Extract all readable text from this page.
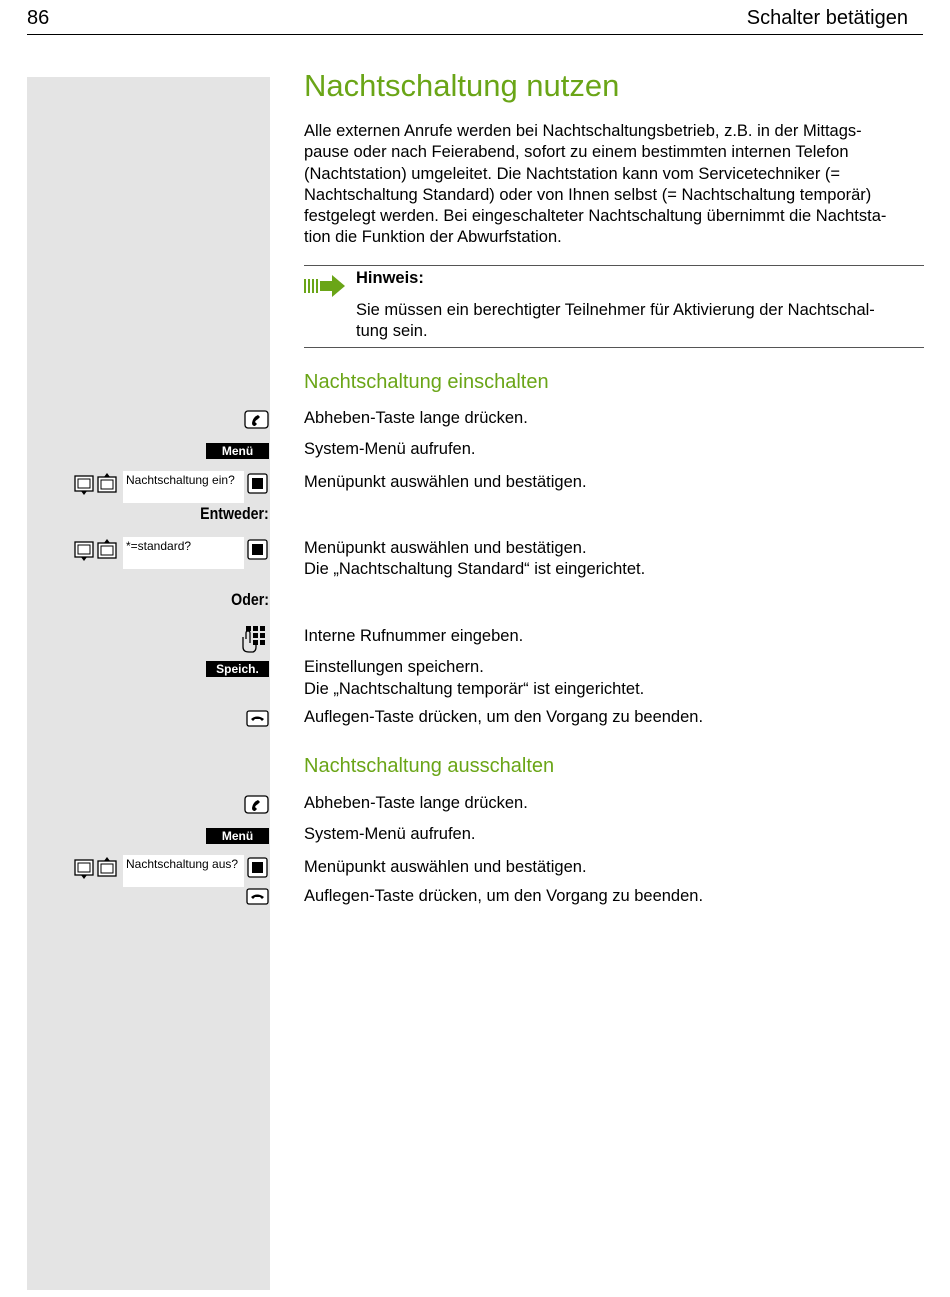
86	Schalter betätigen
Nachtschaltung nutzen
Alle externen Anrufe werden bei Nachtschaltungsbetrieb, z.B. in der Mittags-
pause oder nach Feierabend, sofort zu einem bestimmten internen Telefon
(Nachtstation) umgeleitet. Die Nachtstation kann vom Servicetechniker (=
Nachtschaltung Standard) oder von Ihnen selbst (= Nachtschaltung temporär)
festgelegt werden. Bei eingeschalteter Nachtschaltung übernimmt die Nachtsta-
tion die Funktion der Abwurfstation.
Hinweis:
Sie müssen ein berechtigter Teilnehmer für Aktivierung der Nachtschal-
tung sein.
Nachtschaltung einschalten
Abheben-Taste lange drücken.
Menü	System-Menü aufrufen.
Nachtschaltung ein?	Menüpunkt auswählen und bestätigen.
Entweder:
*=standard?	Menüpunkt auswählen und bestätigen.
Die „Nachtschaltung Standard“ ist eingerichtet.
Oder:
Interne Rufnummer eingeben.
Speich.	Einstellungen speichern.
Die „Nachtschaltung temporär“ ist eingerichtet.
Auflegen-Taste drücken, um den Vorgang zu beenden.
Nachtschaltung ausschalten
Abheben-Taste lange drücken.
Menü	System-Menü aufrufen.
Nachtschaltung aus?	Menüpunkt auswählen und bestätigen.
Auflegen-Taste drücken, um den Vorgang zu beenden.
